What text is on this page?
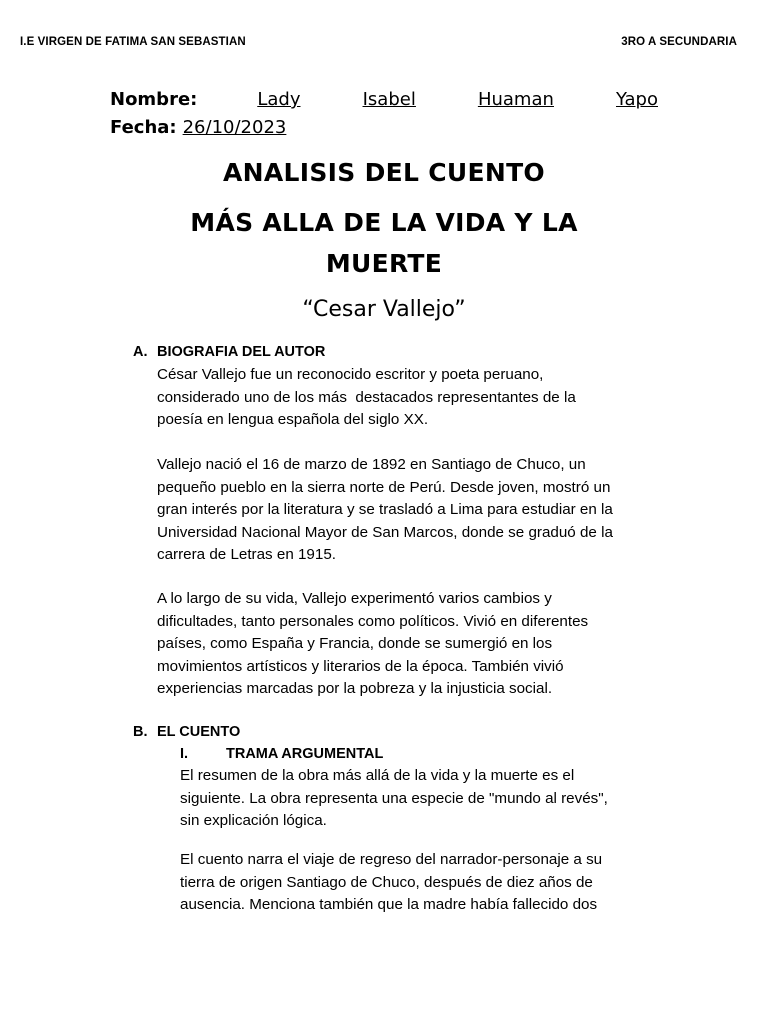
I.E VIRGEN DE FATIMA SAN SEBASTIAN	3RO A SECUNDARIA
Nombre:	Lady	Isabel	Huaman	Yapo
Fecha: 26/10/2023
ANALISIS DEL CUENTO
MÁS ALLA DE LA VIDA Y LA
MUERTE
“Cesar Vallejo”
A. BIOGRAFIA DEL AUTOR
César Vallejo fue un reconocido escritor y poeta peruano,
considerado uno de los más  destacados representantes de la
poesía en lengua española del siglo XX.
Vallejo nació el 16 de marzo de 1892 en Santiago de Chuco, un
pequeño pueblo en la sierra norte de Perú. Desde joven, mostró un
gran interés por la literatura y se trasladó a Lima para estudiar en la
Universidad Nacional Mayor de San Marcos, donde se graduó de la
carrera de Letras en 1915.
A lo largo de su vida, Vallejo experimentó varios cambios y
dificultades, tanto personales como políticos. Vivió en diferentes
países, como España y Francia, donde se sumergió en los
movimientos artísticos y literarios de la época. También vivió
experiencias marcadas por la pobreza y la injusticia social.
B. EL CUENTO
I.	TRAMA ARGUMENTAL
El resumen de la obra más allá de la vida y la muerte es el
siguiente. La obra representa una especie de "mundo al revés",
sin explicación lógica.
El cuento narra el viaje de regreso del narrador-personaje a su
tierra de origen Santiago de Chuco, después de diez años de
ausencia. Menciona también que la madre había fallecido dos
